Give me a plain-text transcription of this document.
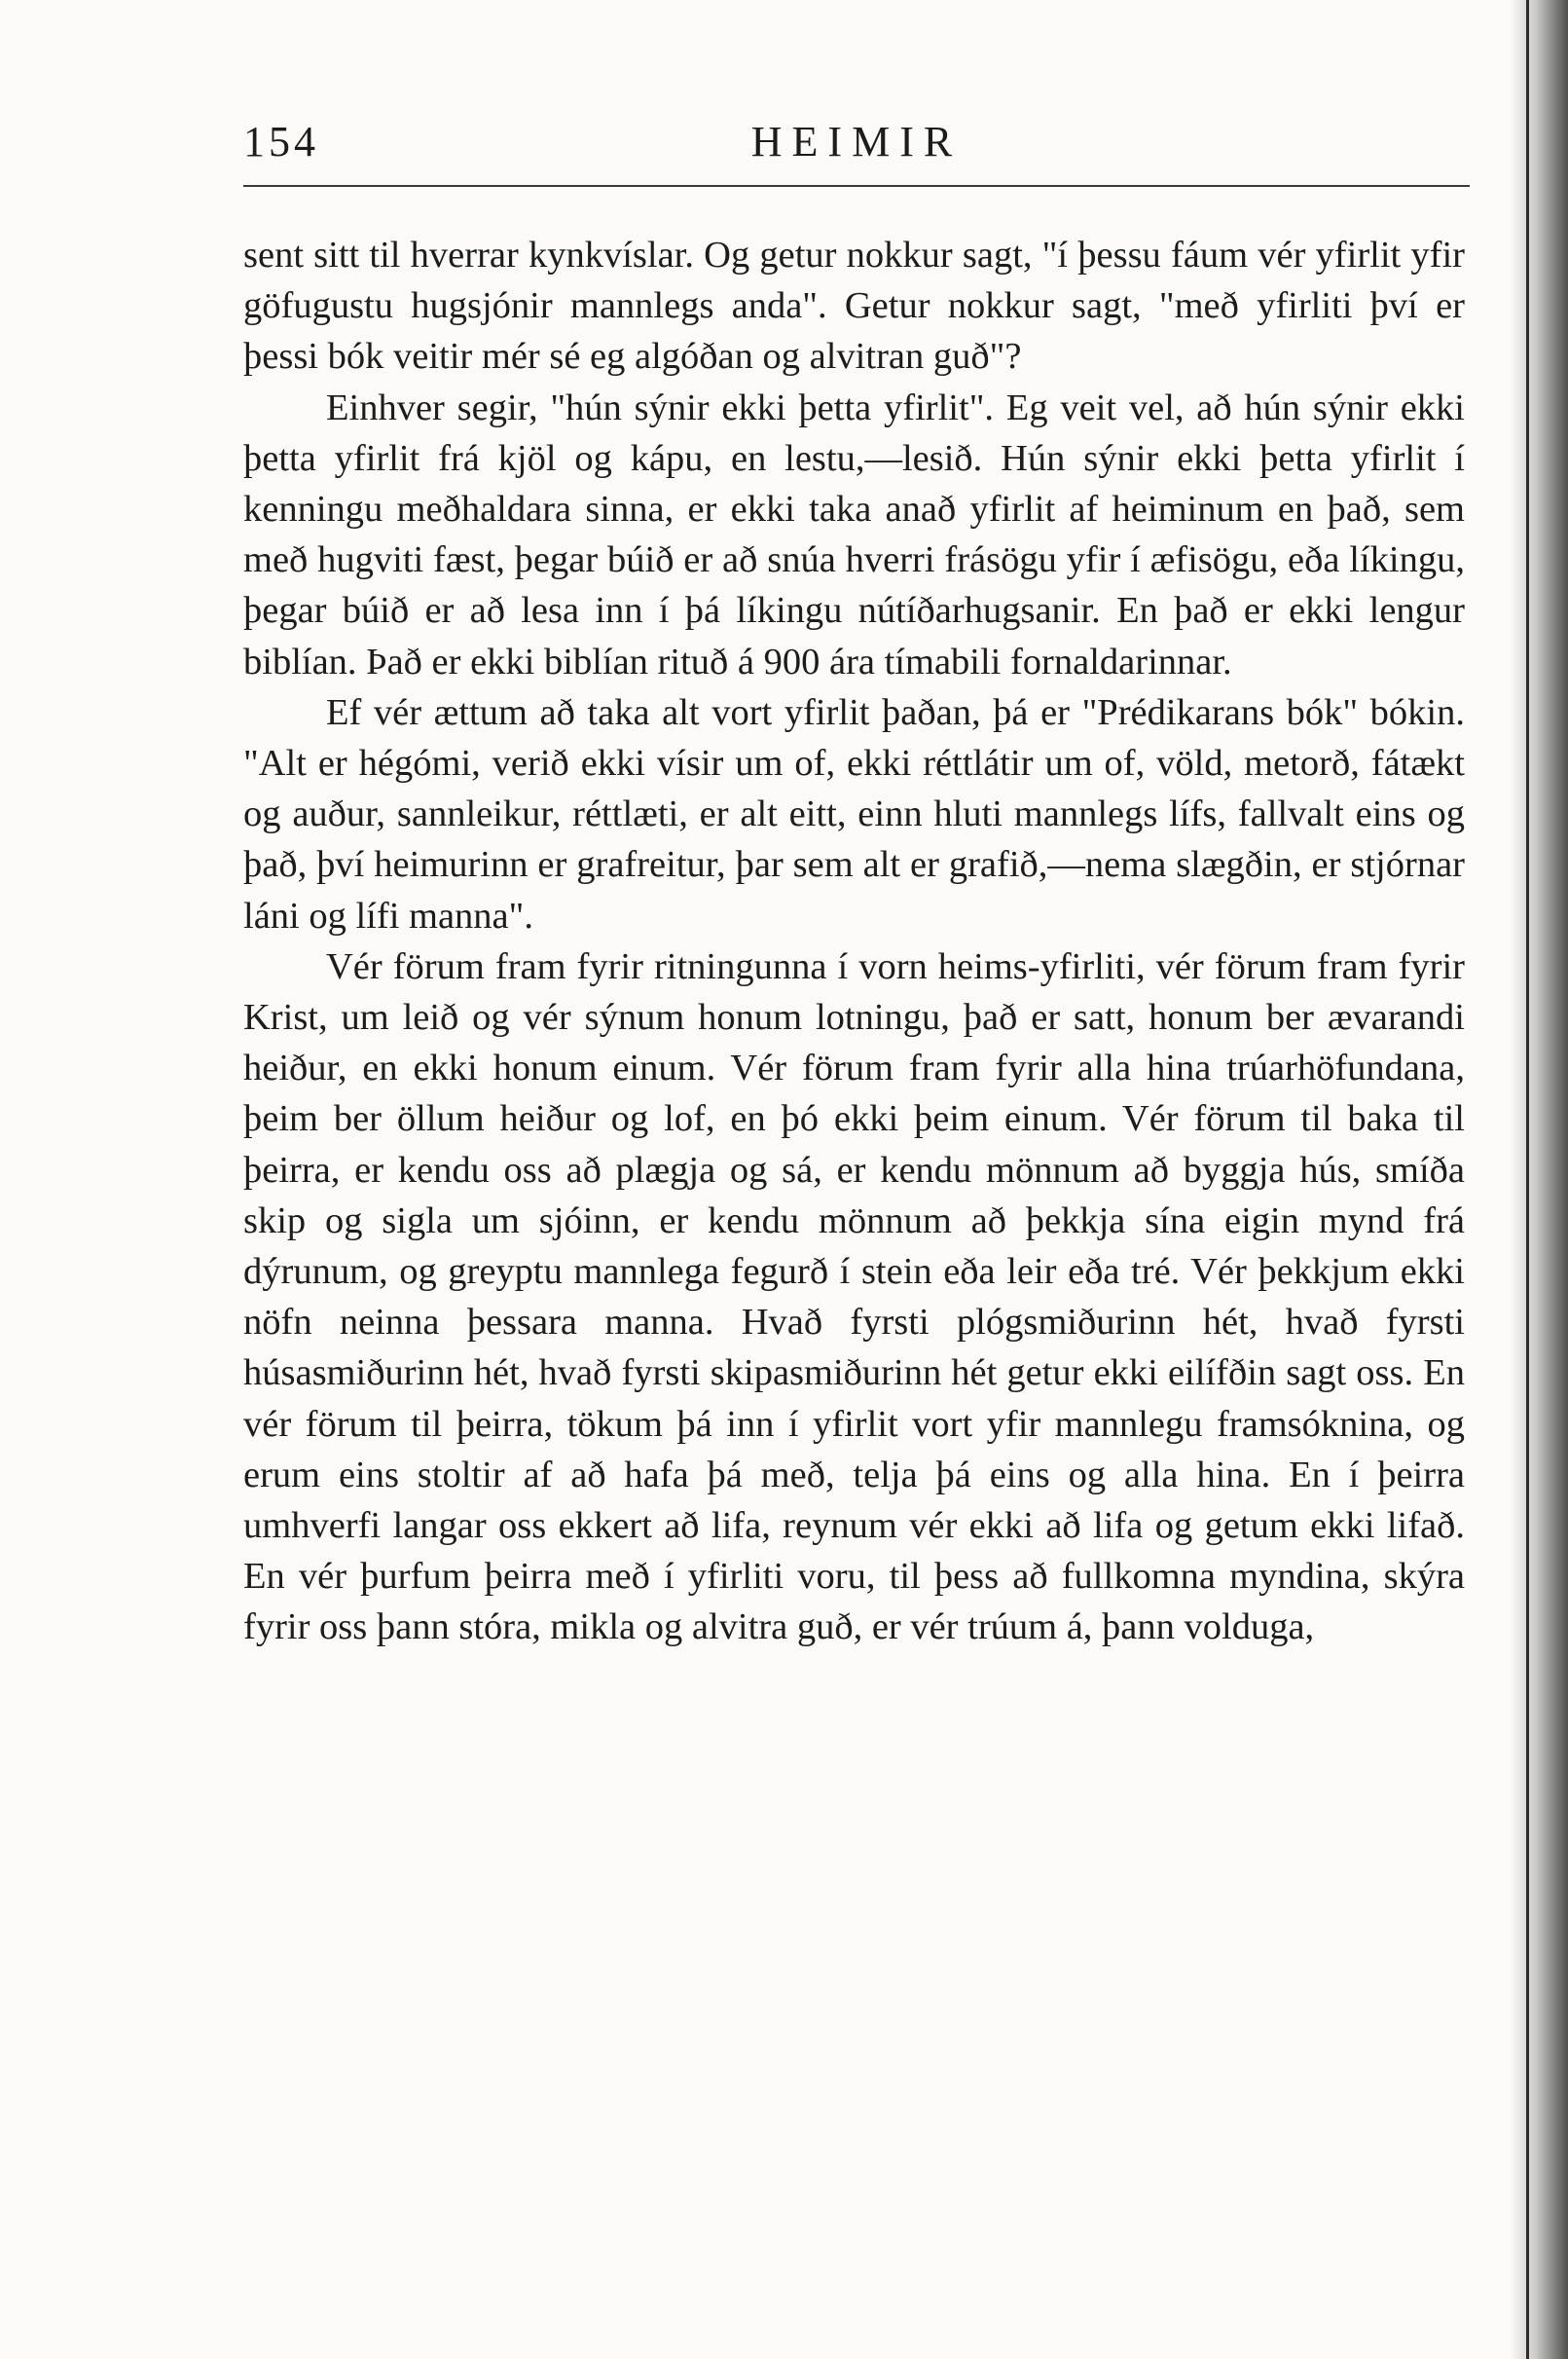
154	HEIMIR

sent sitt til hverrar kynkvíslar. Og getur nokkur sagt, "í þessu fáum vér yfirlit yfir göfugustu hugsjónir mannlegs anda". Getur nokkur sagt, "með yfirliti því er þessi bók veitir mér sé eg algóðan og alvitran guð"?

Einhver segir, "hún sýnir ekki þetta yfirlit". Eg veit vel, að hún sýnir ekki þetta yfirlit frá kjöl og kápu, en lestu,—lesið. Hún sýnir ekki þetta yfirlit í kenningu meðhaldara sinna, er ekki taka anað yfirlit af heiminum en það, sem með hugviti fæst, þegar búið er að snúa hverri frásögu yfir í æfisögu, eða líkingu, þegar búið er að lesa inn í þá líkingu nútíðarhugsanir. En það er ekki lengur biblían. Það er ekki biblían rituð á 900 ára tímabili fornaldarinnar.

Ef vér ættum að taka alt vort yfirlit þaðan, þá er "Prédikarans bók" bókin. "Alt er hégómi, verið ekki vísir um of, ekki réttlátir um of, völd, metorð, fátækt og auður, sannleikur, réttlæti, er alt eitt, einn hluti mannlegs lífs, fallvalt eins og það, því heimurinn er grafreitur, þar sem alt er grafið,—nema slægðin, er stjórnar láni og lífi manna".

Vér förum fram fyrir ritningunna í vorn heims-yfirliti, vér förum fram fyrir Krist, um leið og vér sýnum honum lotningu, það er satt, honum ber ævarandi heiður, en ekki honum einum. Vér förum fram fyrir alla hina trúarhöfundana, þeim ber öllum heiður og lof, en þó ekki þeim einum. Vér förum til baka til þeirra, er kendu oss að plægja og sá, er kendu mönnum að byggja hús, smíða skip og sigla um sjóinn, er kendu mönnum að þekkja sína eigin mynd frá dýrunum, og greyptu mannlega fegurð í stein eða leir eða tré. Vér þekkjum ekki nöfn neinna þessara manna. Hvað fyrsti plógsmiðurinn hét, hvað fyrsti húsasmiðurinn hét, hvað fyrsti skipasmiðurinn hét getur ekki eilífðin sagt oss. En vér förum til þeirra, tökum þá inn í yfirlit vort yfir mannlegu framsóknina, og erum eins stoltir af að hafa þá með, telja þá eins og alla hina. En í þeirra umhverfi langar oss ekkert að lifa, reynum vér ekki að lifa og getum ekki lifað. En vér þurfum þeirra með í yfirliti voru, til þess að fullkomna myndina, skýra fyrir oss þann stóra, mikla og alvitra guð, er vér trúum á, þann volduga,
